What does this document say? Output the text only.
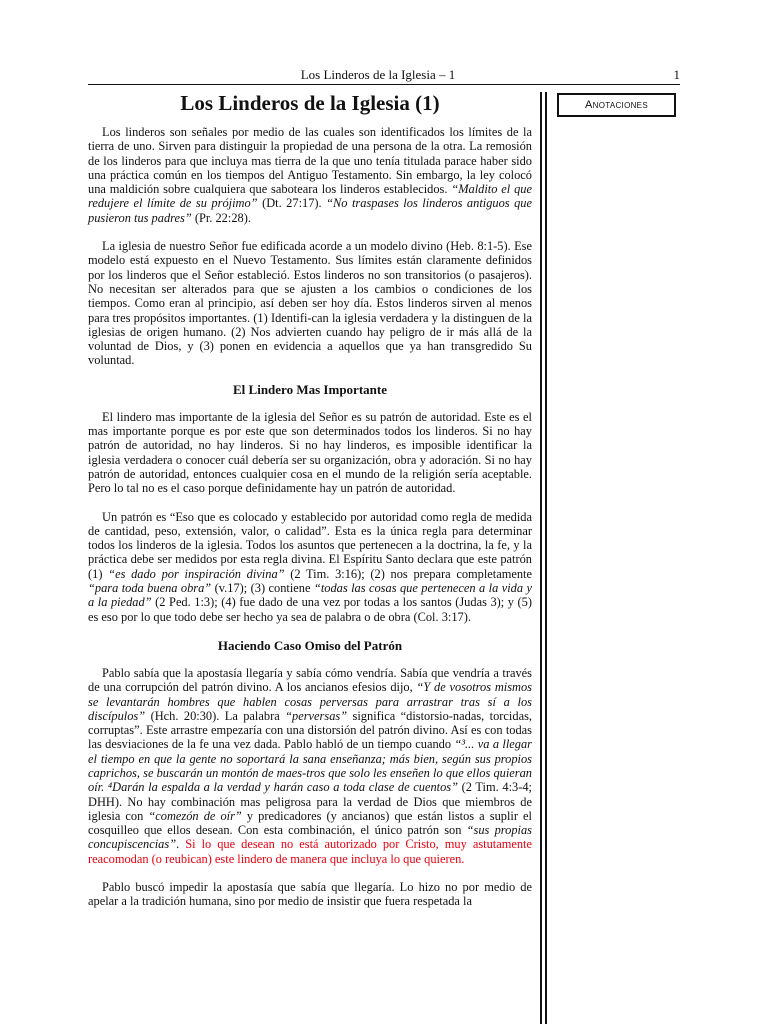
Los Linderos de la Iglesia – 1	1
Anotaciones
Los Linderos de la Iglesia (1)

Los linderos son señales por medio de las cuales son identificados los límites de la tierra de uno. Sirven para distinguir la propiedad de una persona de la otra. La remosión de los linderos para que incluya mas tierra de la que uno tenía titulada parace haber sido una práctica común en los tiempos del Antiguo Testamento. Sin embargo, la ley colocó una maldición sobre cualquiera que saboteara los linderos establecidos. “Maldito el que redujere el límite de su prójimo” (Dt. 27:17). “No traspases los linderos antiguos que pusieron tus padres” (Pr. 22:28).

La iglesia de nuestro Señor fue edificada acorde a un modelo divino (Heb. 8:1-5). Ese modelo está expuesto en el Nuevo Testamento. Sus límites están claramente definidos por los linderos que el Señor estableció. Estos linderos no son transitorios (o pasajeros). No necesitan ser alterados para que se ajusten a los cambios o condiciones de los tiempos. Como eran al principio, así deben ser hoy día. Estos linderos sirven al menos para tres propósitos importantes. (1) Identifi-can la iglesia verdadera y la distinguen de la iglesias de origen humano. (2) Nos advierten cuando hay peligro de ir más allá de la voluntad de Dios, y (3) ponen en evidencia a aquellos que ya han transgredido Su voluntad.

El Lindero Mas Importante

El lindero mas importante de la iglesia del Señor es su patrón de autoridad. Este es el mas importante porque es por este que son determinados todos los linderos. Si no hay patrón de autoridad, no hay linderos. Si no hay linderos, es imposible identificar la iglesia verdadera o conocer cuál debería ser su organización, obra y adoración. Si no hay patrón de autoridad, entonces cualquier cosa en el mundo de la religión sería aceptable. Pero lo tal no es el caso porque definidamente hay un patrón de autoridad.

Un patrón es “Eso que es colocado y establecido por autoridad como regla de medida de cantidad, peso, extensión, valor, o calidad”. Esta es la única regla para determinar todos los linderos de la iglesia. Todos los asuntos que pertenecen a la doctrina, la fe, y la práctica debe ser medidos por esta regla divina. El Espíritu Santo declara que este patrón (1) “es dado por inspiración divina” (2 Tim. 3:16); (2) nos prepara completamente “para toda buena obra” (v.17); (3) contiene “todas las cosas que pertenecen a la vida y a la piedad” (2 Ped. 1:3); (4) fue dado de una vez por todas a los santos (Judas 3); y (5) es eso por lo que todo debe ser hecho ya sea de palabra o de obra (Col. 3:17).

Haciendo Caso Omiso del Patrón

Pablo sabía que la apostasía llegaría y sabía cómo vendría. Sabía que vendría a través de una corrupción del patrón divino. A los ancianos efesios dijo, “Y de vosotros mismos se levantarán hombres que hablen cosas perversas para arrastrar tras sí a los discípulos” (Hch. 20:30). La palabra “perversas” significa “distorsio-nadas, torcidas, corruptas”. Este arrastre empezaría con una distorsión del patrón divino. Así es con todas las desviaciones de la fe una vez dada. Pablo habló de un tiempo cuando “³... va a llegar el tiempo en que la gente no soportará la sana enseñanza; más bien, según sus propios caprichos, se buscarán un montón de maes-tros que solo les enseñen lo que ellos quieran oír. ⁴Darán la espalda a la verdad y harán caso a toda clase de cuentos” (2 Tim. 4:3-4; DHH). No hay combinación mas peligrosa para la verdad de Dios que miembros de iglesia con “comezón de oír” y predicadores (y ancianos) que están listos a suplir el cosquilleo que ellos desean. Con esta combinación, el único patrón son “sus propias concupiscencias”. Si lo que desean no está autorizado por Cristo, muy astutamente reacomodan (o reubican) este lindero de manera que incluya lo que quieren.

Pablo buscó impedir la apostasía que sabía que llegaría. Lo hizo no por medio de apelar a la tradición humana, sino por medio de insistir que fuera respetada la
